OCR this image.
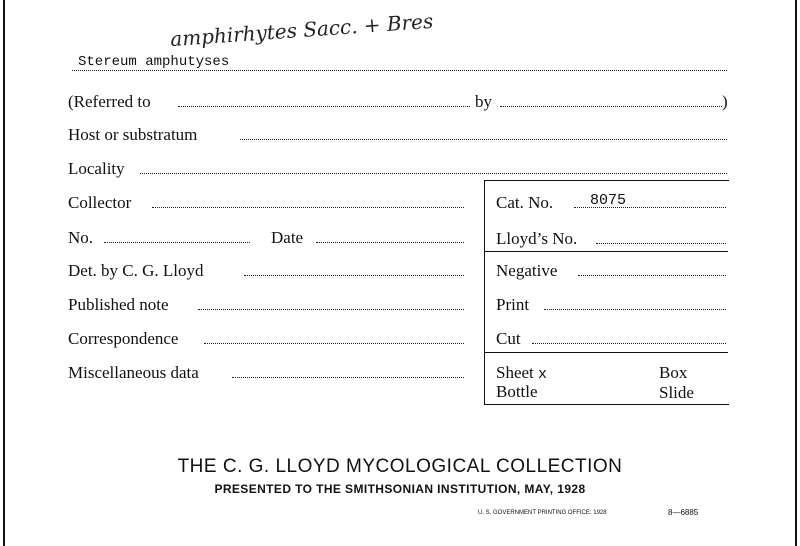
amphirhytes Sacc. + Bres
Stereum amphutyses
(Referred to	by	)
Host or substratum
Locality
Collector
No.	Date
Det. by C. G. Lloyd
Published note
Correspondence
Miscellaneous data
Cat. No. 8075
Lloyd’s No.
Negative
Print
Cut
Sheet x	Box
Bottle	Slide
THE C. G. LLOYD MYCOLOGICAL COLLECTION
PRESENTED TO THE SMITHSONIAN INSTITUTION, MAY, 1928
U. S. GOVERNMENT PRINTING OFFICE: 1928	8—6885
